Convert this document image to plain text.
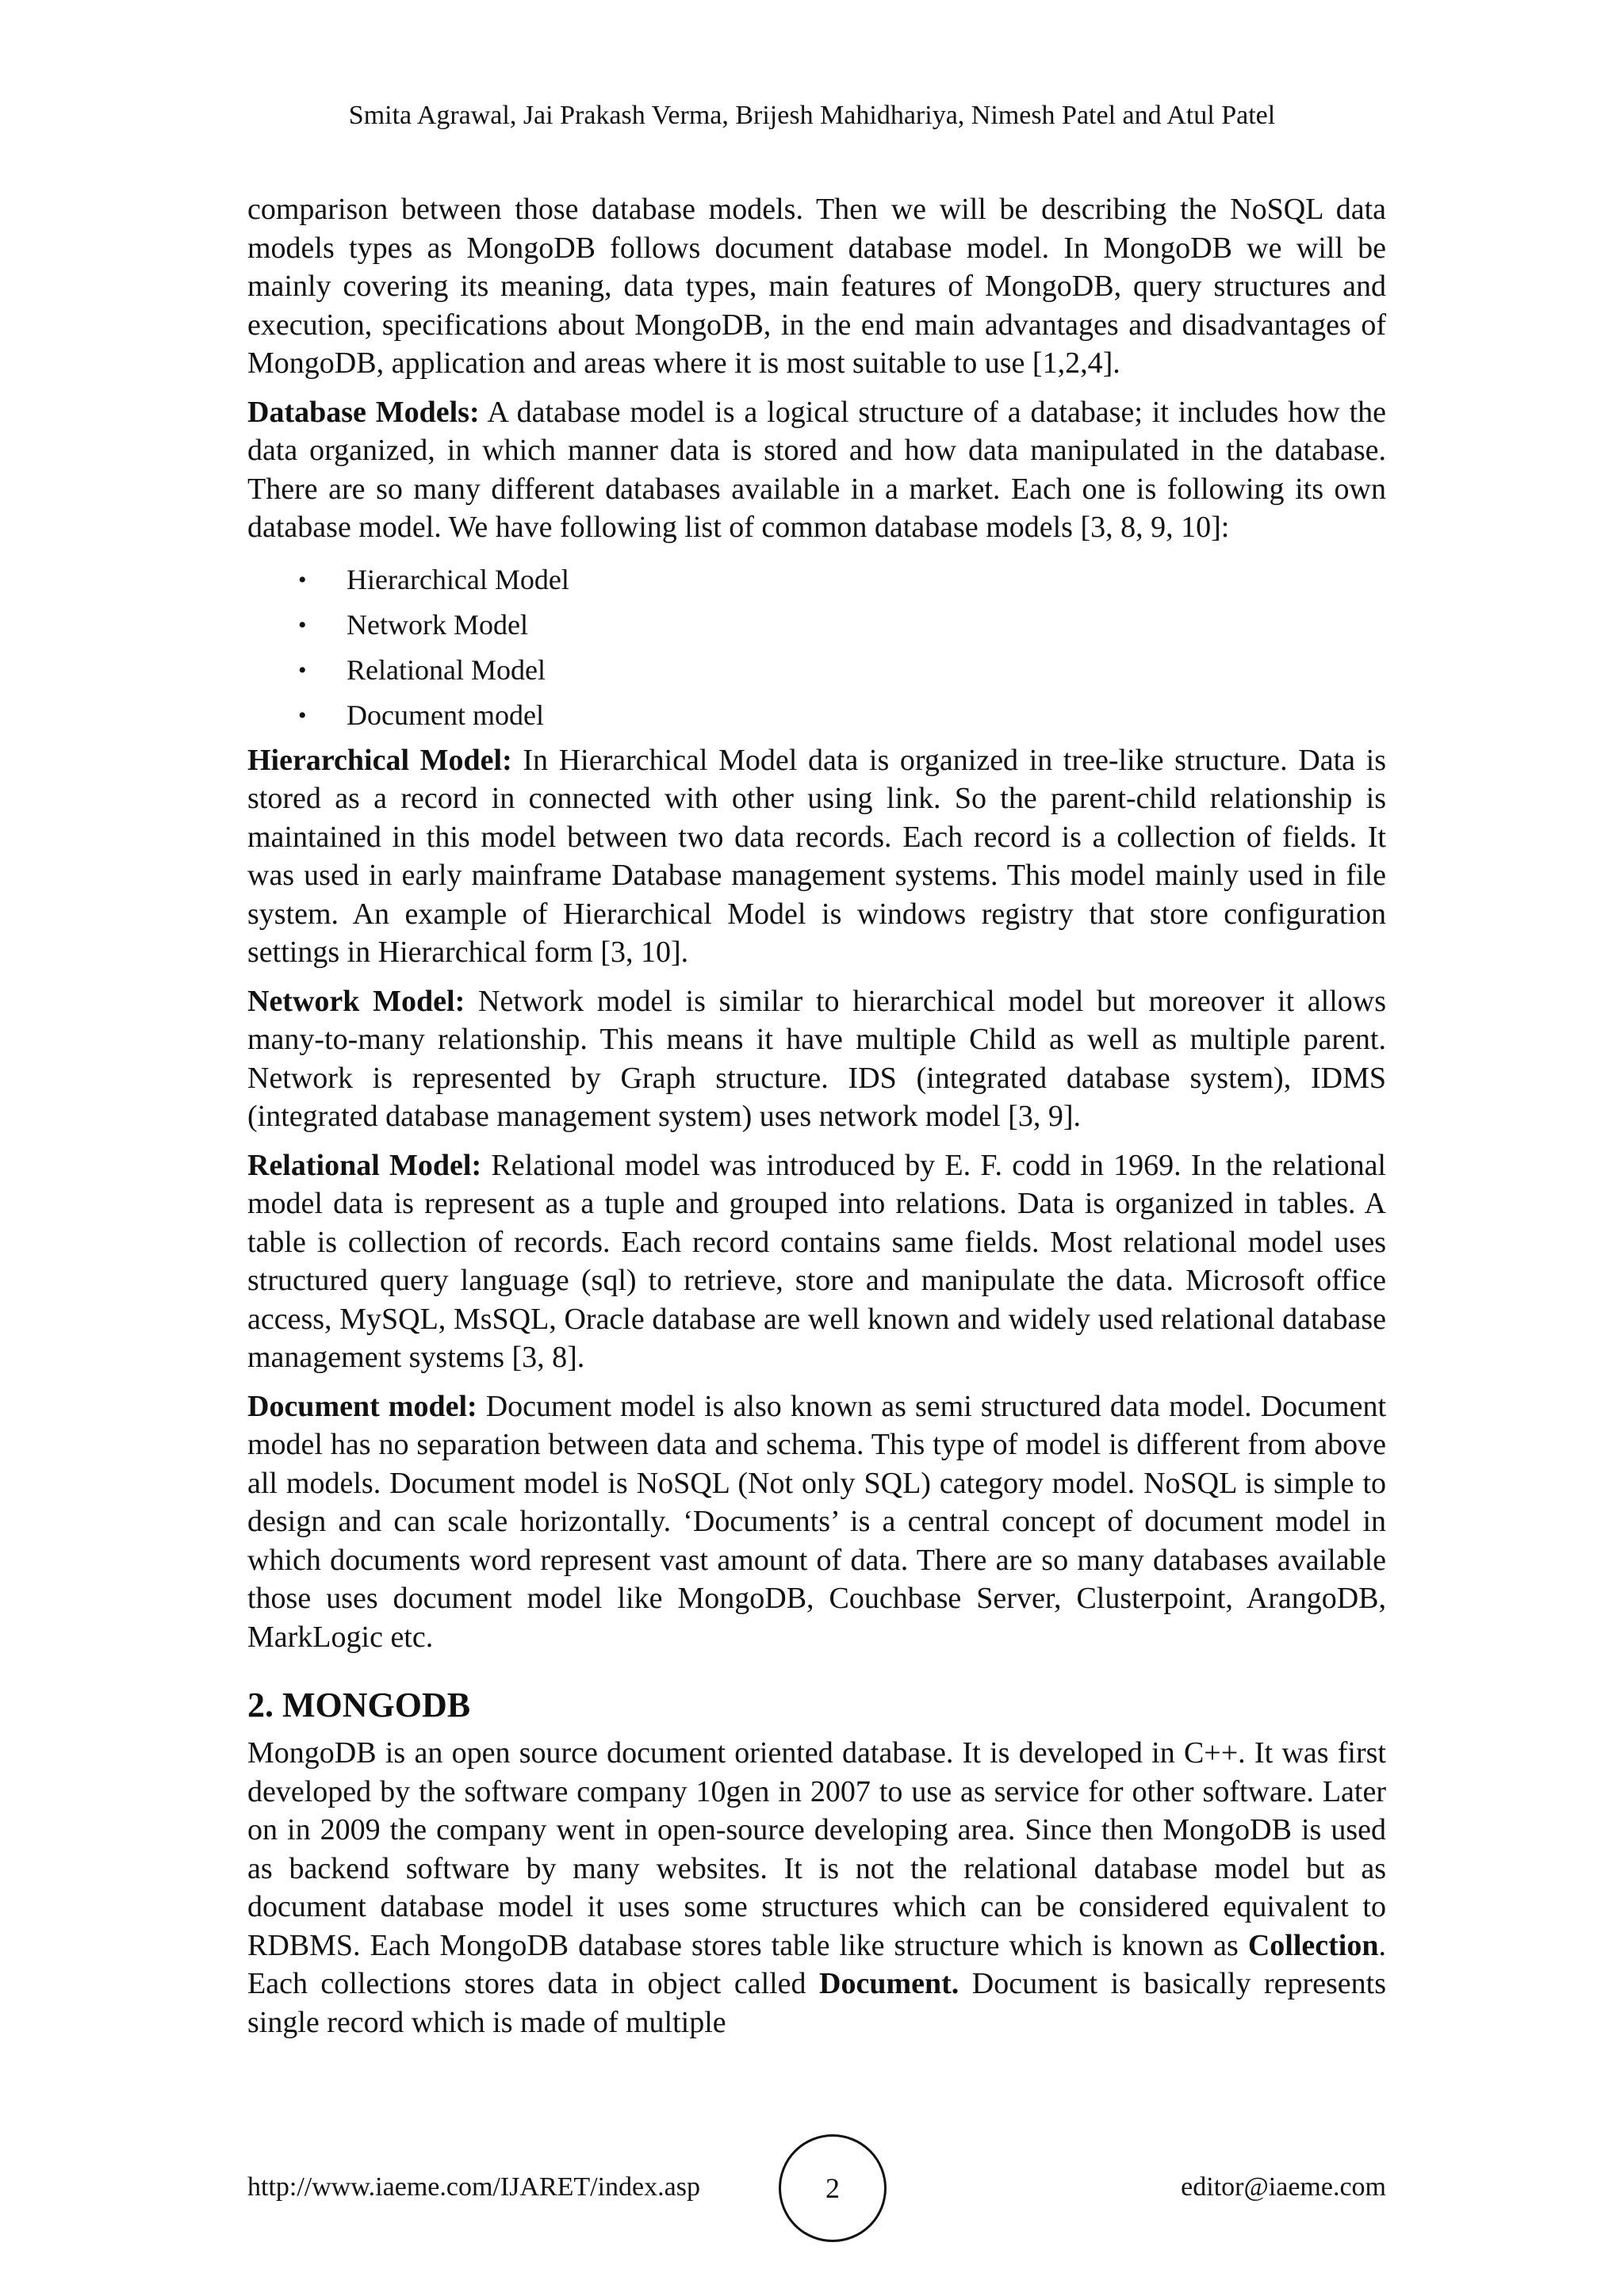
Smita Agrawal, Jai Prakash Verma, Brijesh Mahidhariya, Nimesh Patel and Atul Patel

comparison between those database models. Then we will be describing the NoSQL data models types as MongoDB follows document database model. In MongoDB we will be mainly covering its meaning, data types, main features of MongoDB, query structures and execution, specifications about MongoDB, in the end main advantages and disadvantages of MongoDB, application and areas where it is most suitable to use [1,2,4].

Database Models: A database model is a logical structure of a database; it includes how the data organized, in which manner data is stored and how data manipulated in the database. There are so many different databases available in a market. Each one is following its own database model. We have following list of common database models [3, 8, 9, 10]:

• Hierarchical Model
• Network Model
• Relational Model
• Document model

Hierarchical Model: In Hierarchical Model data is organized in tree-like structure. Data is stored as a record in connected with other using link. So the parent-child relationship is maintained in this model between two data records. Each record is a collection of fields. It was used in early mainframe Database management systems. This model mainly used in file system. An example of Hierarchical Model is windows registry that store configuration settings in Hierarchical form [3, 10].

Network Model: Network model is similar to hierarchical model but moreover it allows many-to-many relationship. This means it have multiple Child as well as multiple parent. Network is represented by Graph structure. IDS (integrated database system), IDMS (integrated database management system) uses network model [3, 9].

Relational Model: Relational model was introduced by E. F. codd in 1969. In the relational model data is represent as a tuple and grouped into relations. Data is organized in tables. A table is collection of records. Each record contains same fields. Most relational model uses structured query language (sql) to retrieve, store and manipulate the data. Microsoft office access, MySQL, MsSQL, Oracle database are well known and widely used relational database management systems [3, 8].

Document model: Document model is also known as semi structured data model. Document model has no separation between data and schema. This type of model is different from above all models. Document model is NoSQL (Not only SQL) category model. NoSQL is simple to design and can scale horizontally. ‘Documents’ is a central concept of document model in which documents word represent vast amount of data. There are so many databases available those uses document model like MongoDB, Couchbase Server, Clusterpoint, ArangoDB, MarkLogic etc.

2. MONGODB

MongoDB is an open source document oriented database. It is developed in C++. It was first developed by the software company 10gen in 2007 to use as service for other software. Later on in 2009 the company went in open-source developing area. Since then MongoDB is used as backend software by many websites. It is not the relational database model but as document database model it uses some structures which can be considered equivalent to RDBMS. Each MongoDB database stores table like structure which is known as Collection. Each collections stores data in object called Document. Document is basically represents single record which is made of multiple

http://www.iaeme.com/IJARET/index.asp	2	editor@iaeme.com
